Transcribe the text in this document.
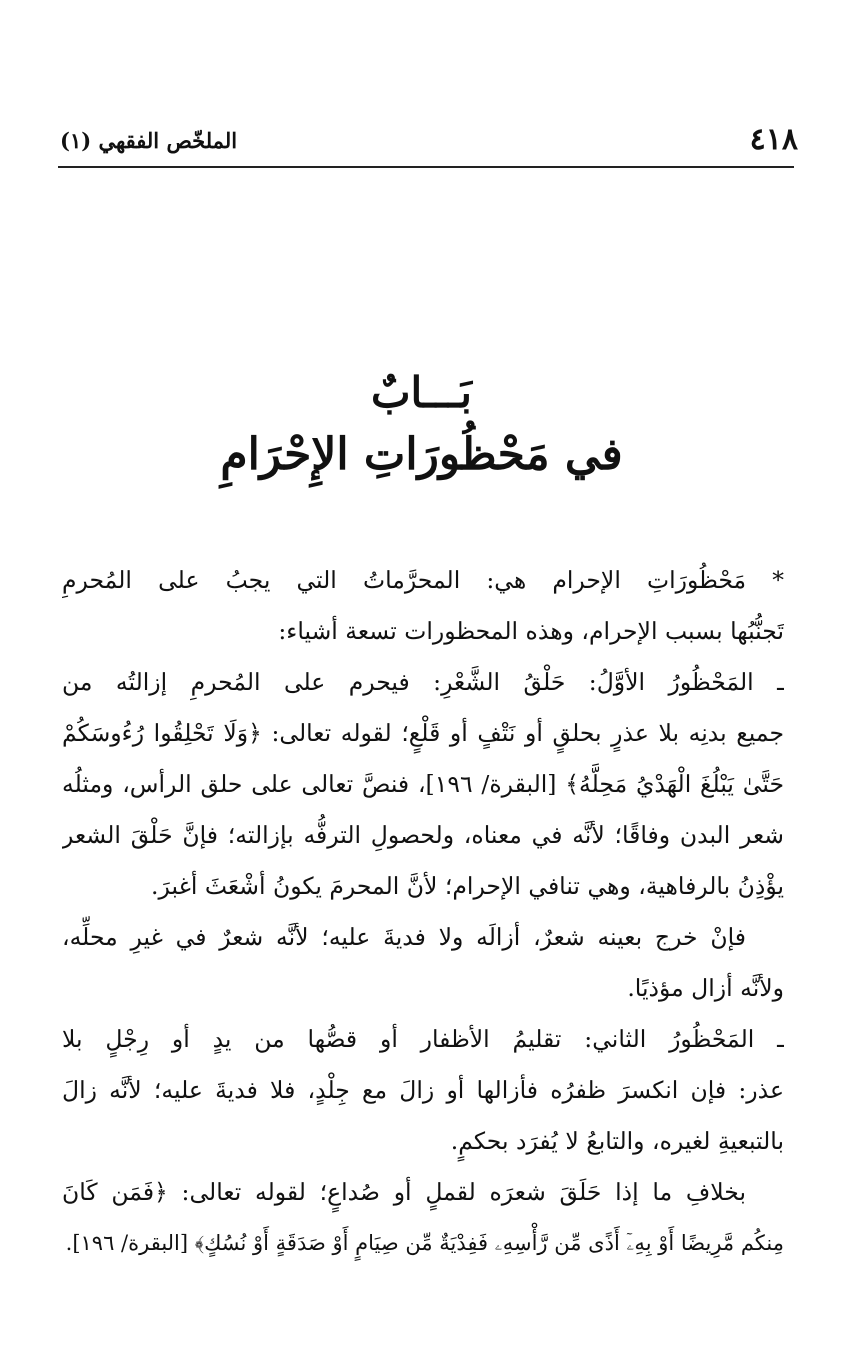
٤١٨
الملخّص الفقهي (١)
بَـــابٌ
في مَحْظُورَاتِ الإِحْرَامِ
* مَحْظُورَاتِ الإحرام هي: المحرَّماتُ التي يجبُ على المُحرمِ
تَجنُّبُها بسبب الإحرام، وهذه المحظورات تسعة أشياء:
ـ المَحْظُورُ الأوَّلُ: حَلْقُ الشَّعْرِ: فيحرم على المُحرمِ إزالتُه من
جميع بدنِه بلا عذرٍ بحلقٍ أو نَتْفٍ أو قَلْعٍ؛ لقوله تعالى: ﴿وَلَا تَحْلِقُوا رُءُوسَكُمْ
حَتَّىٰ يَبْلُغَ الْهَدْيُ مَحِلَّهُ﴾ [البقرة/ ١٩٦]، فنصَّ تعالى على حلق الرأس، ومثلُه
شعر البدن وفاقًا؛ لأنَّه في معناه، ولحصولِ الترفُّه بإزالته؛ فإنَّ حَلْقَ الشعر
يؤْذِنُ بالرفاهية، وهي تنافي الإحرام؛ لأنَّ المحرمَ يكونُ أشْعَثَ أغبرَ.
فإنْ خرج بعينه شعرٌ، أزالَه ولا فديةَ عليه؛ لأنَّه شعرٌ في غيرِ محلِّه،
ولأنَّه أزال مؤذيًا.
ـ المَحْظُورُ الثاني: تقليمُ الأظفار أو قصُّها من يدٍ أو رِجْلٍ بلا
عذر: فإن انكسرَ ظفرُه فأزالها أو زالَ مع جِلْدٍ، فلا فديةَ عليه؛ لأنَّه زالَ
بالتبعيةِ لغيره، والتابعُ لا يُفرَد بحكمٍ.
بخلافِ ما إذا حَلَقَ شعرَه لقملٍ أو صُداعٍ؛ لقوله تعالى: ﴿فَمَن كَانَ
مِنكُم مَّرِيضًا أَوْ بِهِۦٓ أَذًى مِّن رَّأْسِهِۦ فَفِدْيَةٌ مِّن صِيَامٍ أَوْ صَدَقَةٍ أَوْ نُسُكٍ﴾ [البقرة/ ١٩٦].
